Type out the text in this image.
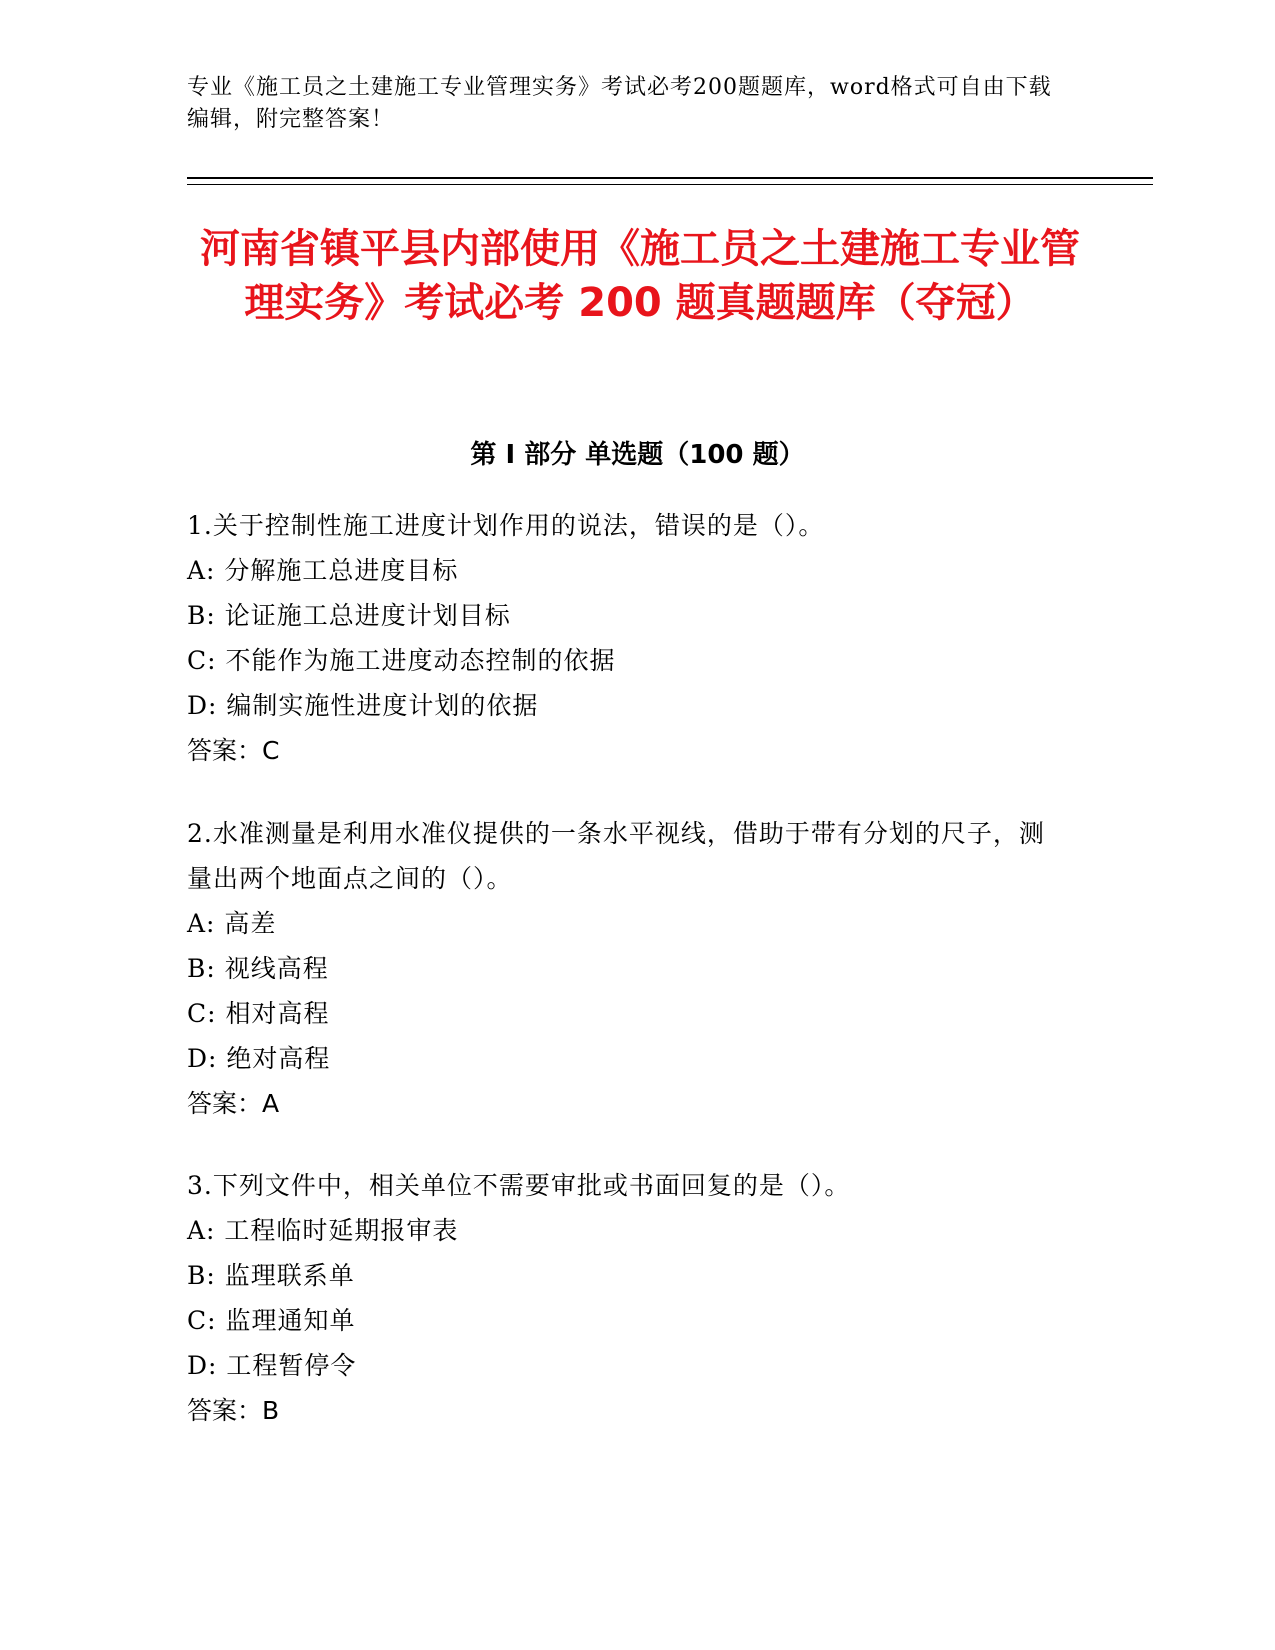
专业《施工员之土建施工专业管理实务》考试必考200题题库，word格式可自由下载编辑，附完整答案！
河南省镇平县内部使用《施工员之土建施工专业管理实务》考试必考 200 题真题题库（夺冠）
第 I 部分 单选题（100 题）

1.关于控制性施工进度计划作用的说法，错误的是（）。

A: 分解施工总进度目标

B: 论证施工总进度计划目标

C: 不能作为施工进度动态控制的依据

D: 编制实施性进度计划的依据

答案：C

2.水准测量是利用水准仪提供的一条水平视线，借助于带有分划的尺子，测量出两个地面点之间的（）。

A: 高差

B: 视线高程

C: 相对高程

D: 绝对高程

答案：A

3.下列文件中，相关单位不需要审批或书面回复的是（）。

A: 工程临时延期报审表

B: 监理联系单

C: 监理通知单

D: 工程暂停令

答案：B
